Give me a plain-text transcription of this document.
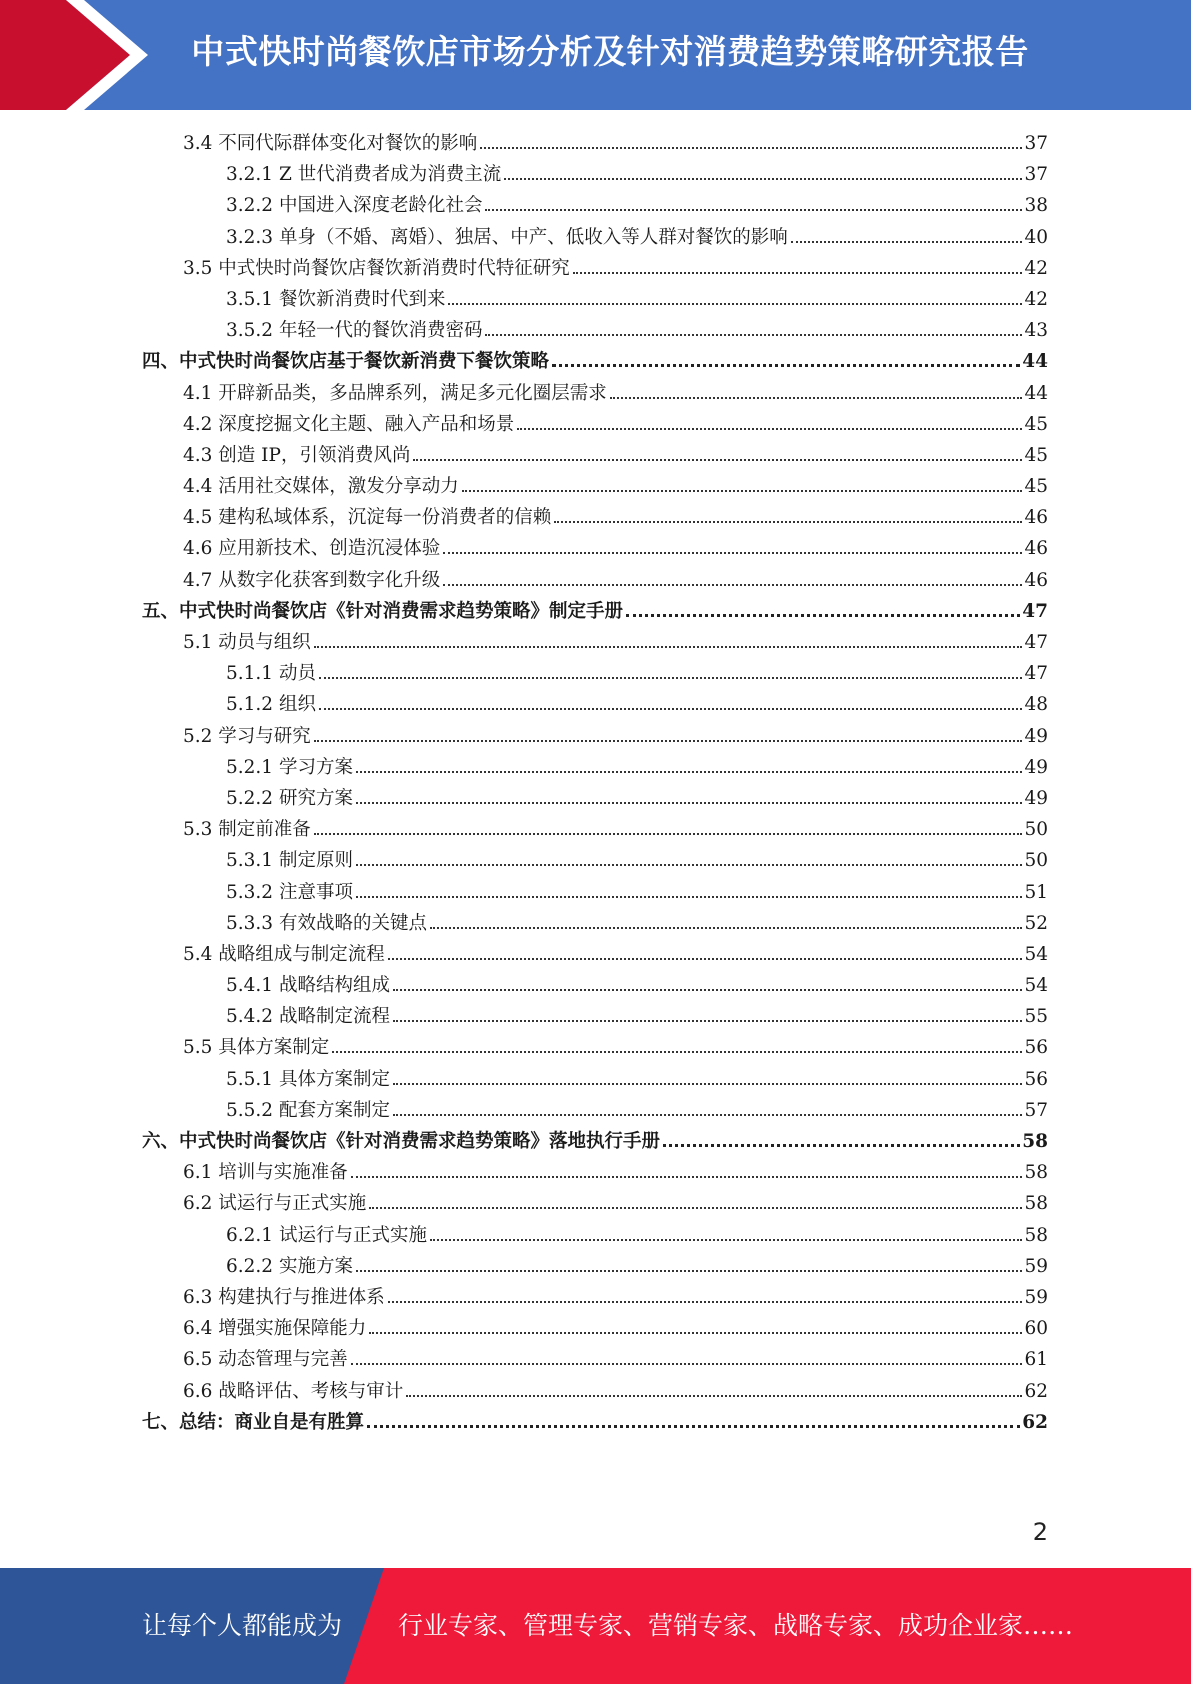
中式快时尚餐饮店市场分析及针对消费趋势策略研究报告
3.4 不同代际群体变化对餐饮的影响	37
3.2.1 Z 世代消费者成为消费主流	37
3.2.2 中国进入深度老龄化社会	38
3.2.3 单身（不婚、离婚）、独居、中产、低收入等人群对餐饮的影响	40
3.5 中式快时尚餐饮店餐饮新消费时代特征研究	42
3.5.1 餐饮新消费时代到来	42
3.5.2 年轻一代的餐饮消费密码	43
四、中式快时尚餐饮店基于餐饮新消费下餐饮策略	44
4.1 开辟新品类，多品牌系列，满足多元化圈层需求	44
4.2 深度挖掘文化主题、融入产品和场景	45
4.3 创造 IP，引领消费风尚	45
4.4 活用社交媒体，激发分享动力	45
4.5 建构私域体系，沉淀每一份消费者的信赖	46
4.6 应用新技术、创造沉浸体验	46
4.7 从数字化获客到数字化升级	46
五、中式快时尚餐饮店《针对消费需求趋势策略》制定手册	47
5.1 动员与组织	47
5.1.1 动员	47
5.1.2 组织	48
5.2 学习与研究	49
5.2.1 学习方案	49
5.2.2 研究方案	49
5.3 制定前准备	50
5.3.1 制定原则	50
5.3.2 注意事项	51
5.3.3 有效战略的关键点	52
5.4 战略组成与制定流程	54
5.4.1 战略结构组成	54
5.4.2 战略制定流程	55
5.5 具体方案制定	56
5.5.1 具体方案制定	56
5.5.2 配套方案制定	57
六、中式快时尚餐饮店《针对消费需求趋势策略》落地执行手册	58
6.1 培训与实施准备	58
6.2 试运行与正式实施	58
6.2.1 试运行与正式实施	58
6.2.2 实施方案	59
6.3 构建执行与推进体系	59
6.4 增强实施保障能力	60
6.5 动态管理与完善	61
6.6 战略评估、考核与审计	62
七、总结：商业自是有胜算	62
2
让每个人都能成为 行业专家、管理专家、营销专家、战略专家、成功企业家……
